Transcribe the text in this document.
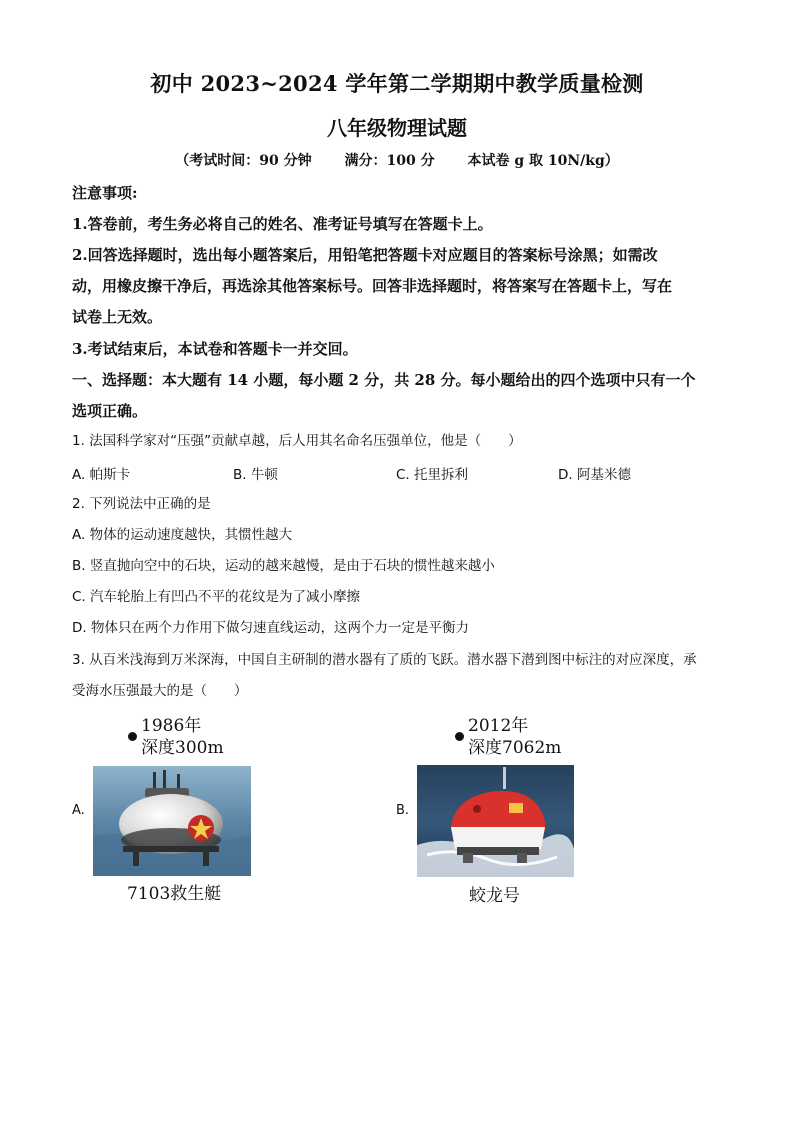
初中 2023~2024 学年第二学期期中教学质量检测
八年级物理试题
（考试时间：90 分钟 满分：100 分 本试卷 g 取 10N/kg）
注意事项:
1.答卷前，考生务必将自己的姓名、准考证号填写在答题卡上。
2.回答选择题时，选出每小题答案后，用铅笔把答题卡对应题目的答案标号涂黑；如需改
动，用橡皮擦干净后，再选涂其他答案标号。回答非选择题时，将答案写在答题卡上，写在
试卷上无效。
3.考试结束后，本试卷和答题卡一并交回。
一、选择题：本大题有 14 小题，每小题 2 分，共 28 分。每小题给出的四个选项中只有一个
选项正确。
1. 法国科学家对“压强”贡献卓越，后人用其名命名压强单位，他是（　　）
A. 帕斯卡	B. 牛顿	C. 托里拆利	D. 阿基米德
2. 下列说法中正确的是
A. 物体的运动速度越快，其惯性越大
B. 竖直抛向空中的石块，运动的越来越慢，是由于石块的惯性越来越小
C. 汽车轮胎上有凹凸不平的花纹是为了减小摩擦
D. 物体只在两个力作用下做匀速直线运动，这两个力一定是平衡力
3. 从百米浅海到万米深海，中国自主研制的潜水器有了质的飞跃。潜水器下潜到图中标注的对应深度，承
受海水压强最大的是（　　）
1986年
深度300m
A.
7103救生艇
2012年
深度7062m
B.
蛟龙号
